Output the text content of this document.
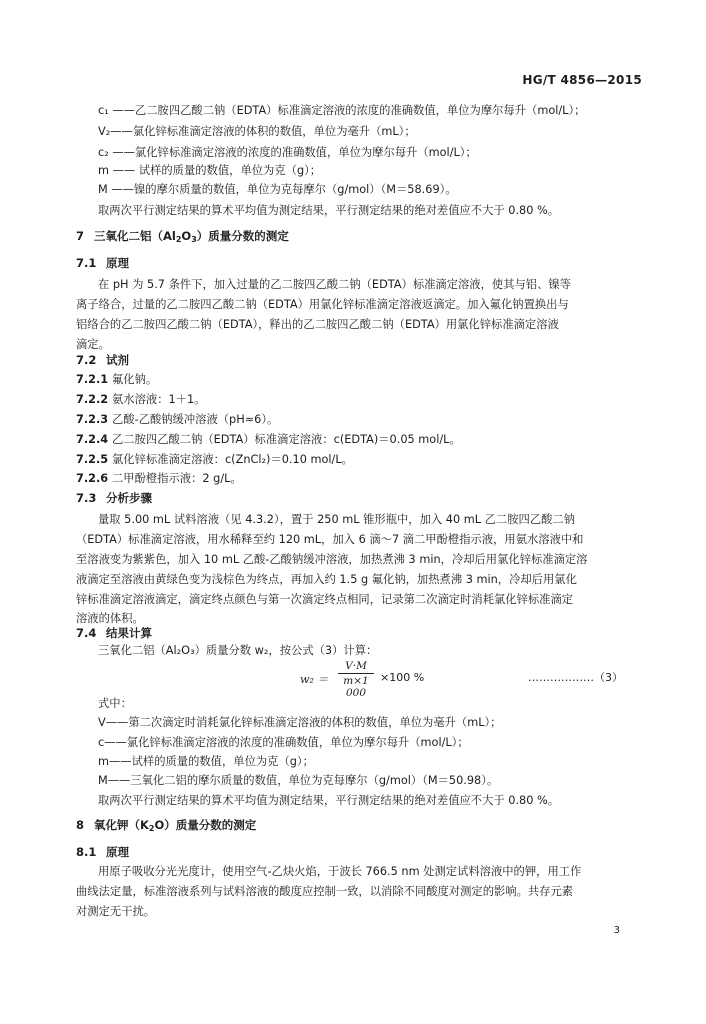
HG/T 4856—2015
c₁ ——乙二胺四乙酸二钠（EDTA）标准滴定溶液的浓度的准确数值，单位为摩尔每升（mol/L）；
V₂——氯化锌标准滴定溶液的体积的数值，单位为毫升（mL）；
c₂ ——氯化锌标准滴定溶液的浓度的准确数值，单位为摩尔每升（mol/L）；
m —— 试样的质量的数值，单位为克（g）；
M ——镍的摩尔质量的数值，单位为克每摩尔（g/mol）（M＝58.69）。
取两次平行测定结果的算术平均值为测定结果，平行测定结果的绝对差值应不大于 0.80 %。
7 三氧化二铝$(Al_2O_3)$质量分数的测定
7.1 原理
在 pH 为 5.7 条件下，加入过量的乙二胺四乙酸二钠（EDTA）标准滴定溶液，使其与铝、镍等
离子络合，过量的乙二胺四乙酸二钠（EDTA）用氯化锌标准滴定溶液返滴定。加入氟化钠置换出与
铝络合的乙二胺四乙酸二钠（EDTA），释出的乙二胺四乙酸二钠（EDTA）用氯化锌标准滴定溶液
滴定。
7.2 试剂
7.2.1 氟化钠。
7.2.2 氨水溶液：1＋1。
7.2.3 乙酸-乙酸钠缓冲溶液（pH≈6）。
7.2.4 乙二胺四乙酸二钠（EDTA）标准滴定溶液：c(EDTA)＝0.05 mol/L。
7.2.5 氯化锌标准滴定溶液：c(ZnCl₂)＝0.10 mol/L。
7.2.6 二甲酚橙指示液：2 g/L。
7.3 分析步骤
量取 5.00 mL 试料溶液（见 4.3.2），置于 250 mL 锥形瓶中，加入 40 mL 乙二胺四乙酸二钠
（EDTA）标准滴定溶液，用水稀释至约 120 mL，加入 6 滴～7 滴二甲酚橙指示液，用氨水溶液中和
至溶液变为紫紫色，加入 10 mL 乙酸-乙酸钠缓冲溶液，加热煮沸 3 min，冷却后用氯化锌标准滴定溶
液滴定至溶液由黄绿色变为浅棕色为终点，再加入约 1.5 g 氟化钠，加热煮沸 3 min，冷却后用氯化
锌标准滴定溶液滴定，滴定终点颜色与第一次滴定终点相同，记录第二次滴定时消耗氯化锌标准滴定
溶液的体积。
7.4 结果计算
三氧化二铝（Al₂O₃）质量分数 w₂，按公式（3）计算：
w₂ ＝
V·M
m×1 000
×100 %	………………（3）
式中：
V——第二次滴定时消耗氯化锌标准滴定溶液的体积的数值，单位为毫升（mL）；
c——氯化锌标准滴定溶液的浓度的准确数值，单位为摩尔每升（mol/L）；
m——试样的质量的数值，单位为克（g）；
M——三氧化二铝的摩尔质量的数值，单位为克每摩尔（g/mol）（M＝50.98）。
取两次平行测定结果的算术平均值为测定结果，平行测定结果的绝对差值应不大于 0.80 %。
8 氧化钾$(K_2O)$质量分数的测定
8.1 原理
用原子吸收分光光度计，使用空气-乙炔火焰，于波长 766.5 nm 处测定试料溶液中的钾，用工作
曲线法定量，标准溶液系列与试料溶液的酸度应控制一致，以消除不同酸度对测定的影响。共存元素
对测定无干扰。
3
